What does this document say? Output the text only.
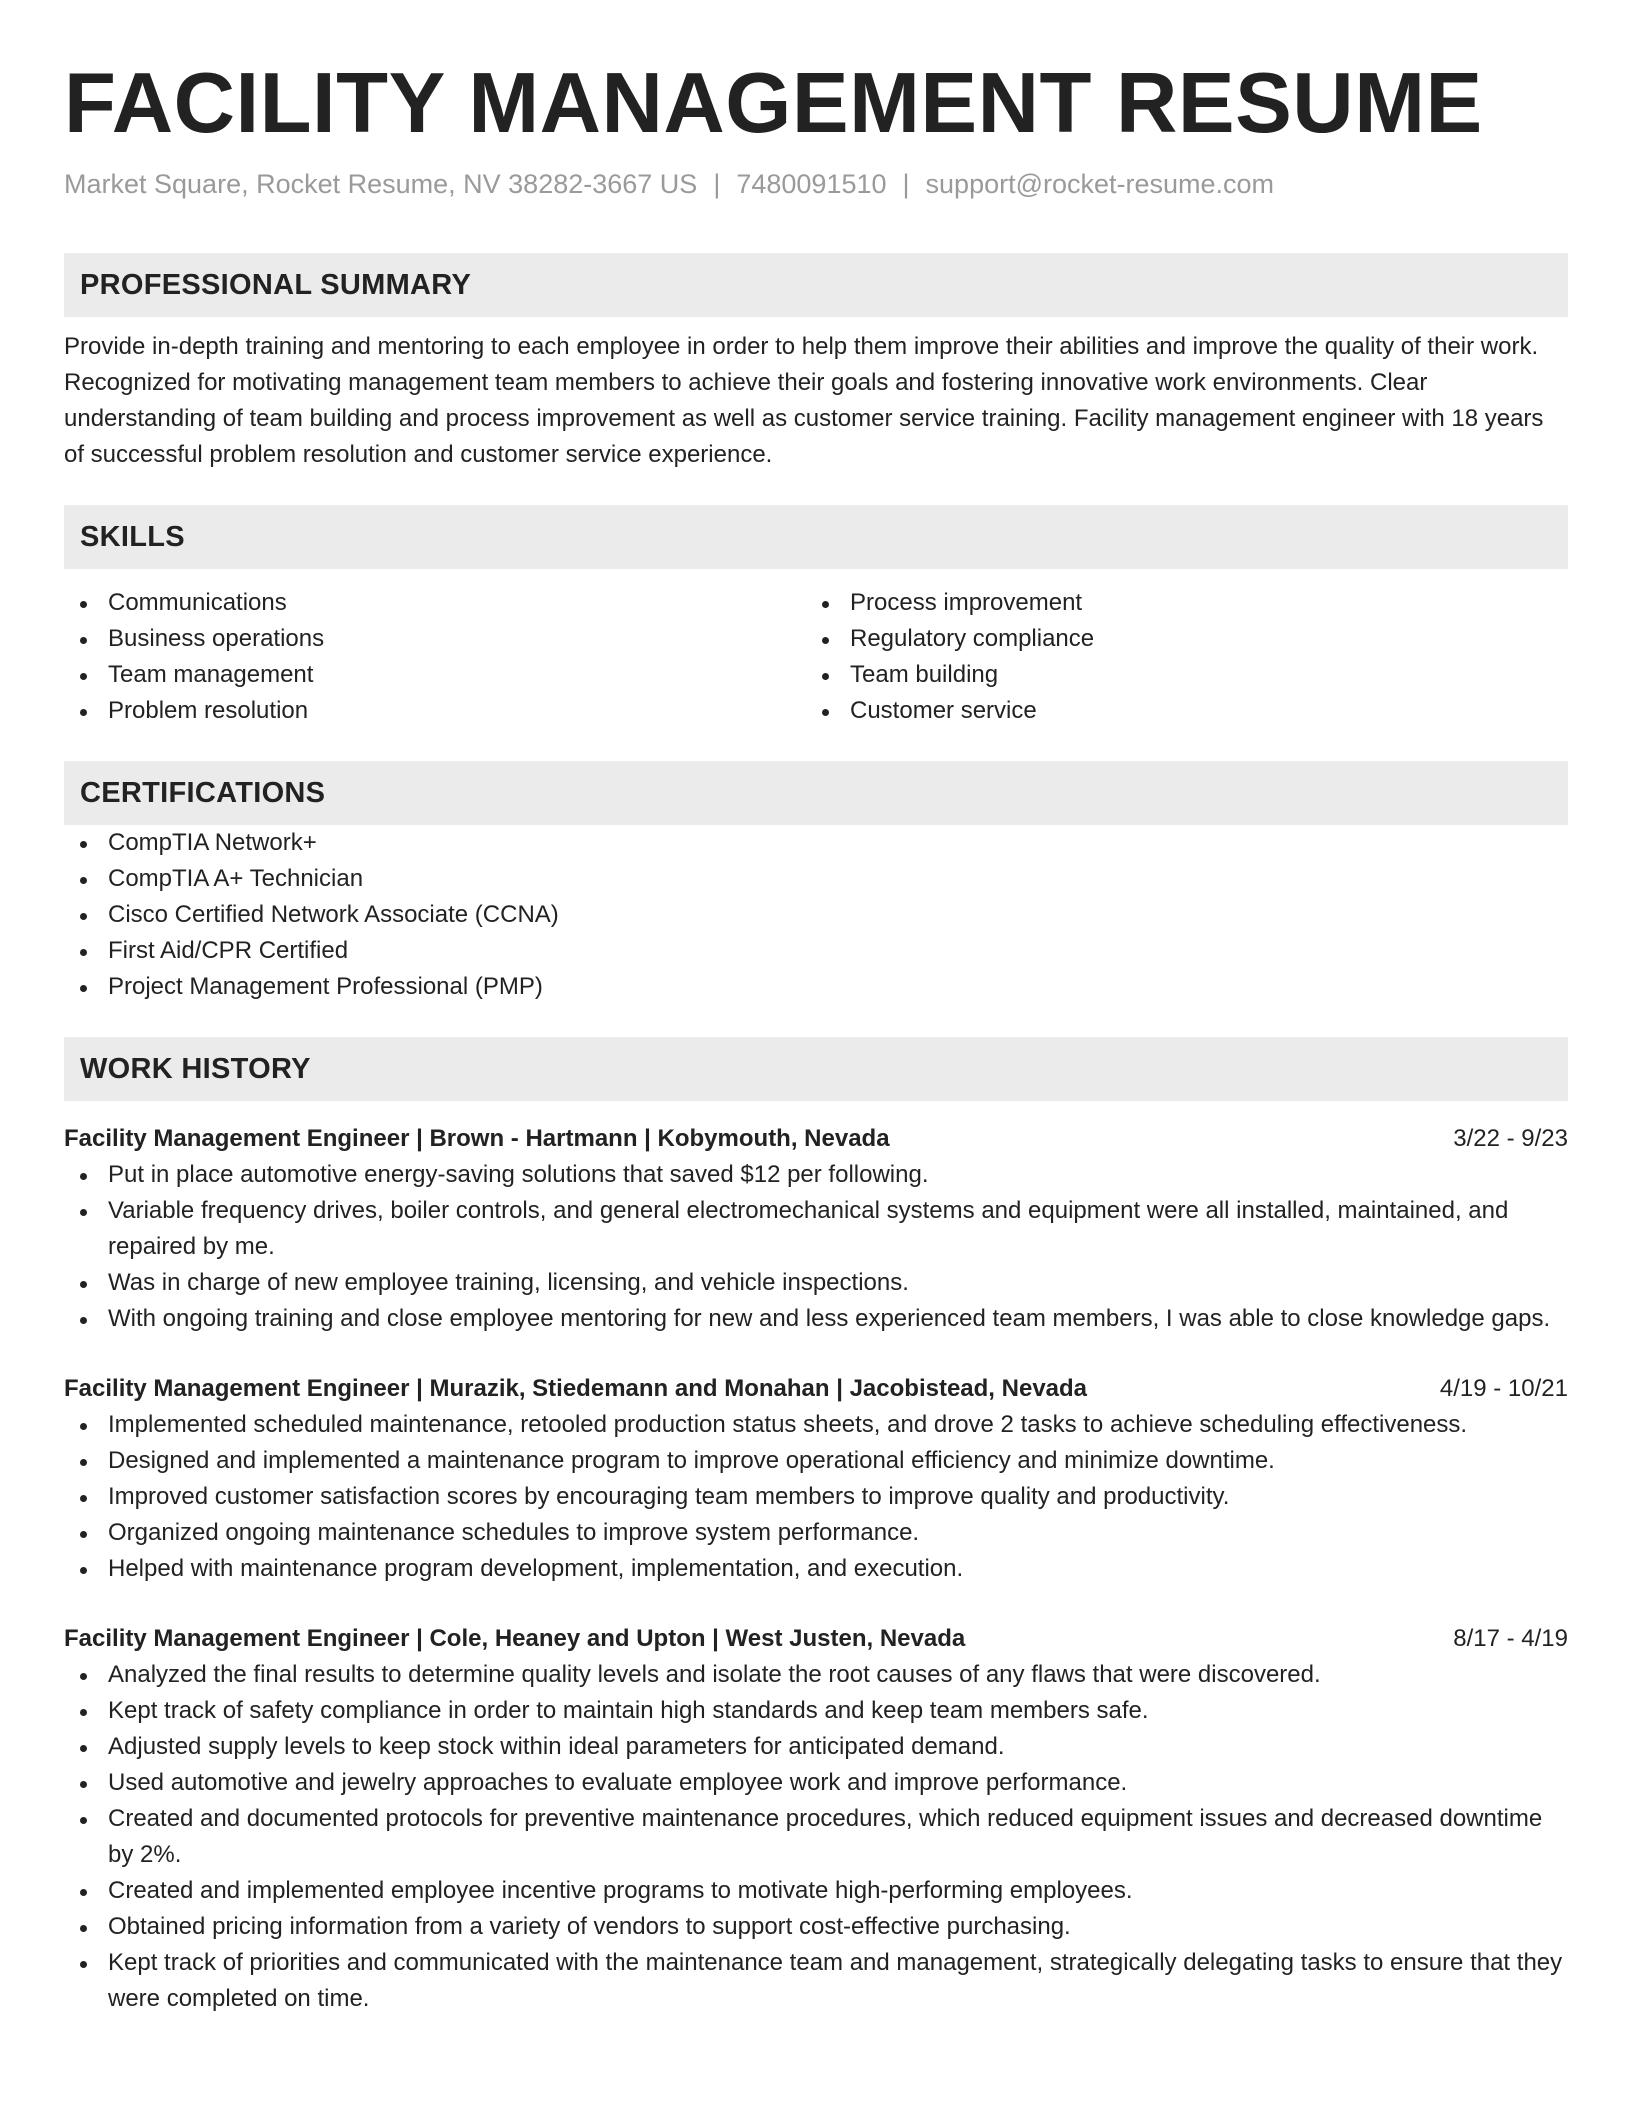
FACILITY MANAGEMENT RESUME
Market Square, Rocket Resume, NV 38282-3667 US | 7480091510 | support@rocket-resume.com
PROFESSIONAL SUMMARY

Provide in-depth training and mentoring to each employee in order to help them improve their abilities and improve the quality of their work. Recognized for motivating management team members to achieve their goals and fostering innovative work environments. Clear understanding of team building and process improvement as well as customer service training. Facility management engineer with 18 years of successful problem resolution and customer service experience.

SKILLS
Communications
Business operations
Team management
Problem resolution
Process improvement
Regulatory compliance
Team building
Customer service
CERTIFICATIONS
CompTIA Network+
CompTIA A+ Technician
Cisco Certified Network Associate (CCNA)
First Aid/CPR Certified
Project Management Professional (PMP)
WORK HISTORY
Facility Management Engineer | Brown - Hartmann | Kobymouth, Nevada	3/22 - 9/23
Put in place automotive energy-saving solutions that saved $12 per following.
Variable frequency drives, boiler controls, and general electromechanical systems and equipment were all installed, maintained, and repaired by me.
Was in charge of new employee training, licensing, and vehicle inspections.
With ongoing training and close employee mentoring for new and less experienced team members, I was able to close knowledge gaps.
Facility Management Engineer | Murazik, Stiedemann and Monahan | Jacobistead, Nevada	4/19 - 10/21
Implemented scheduled maintenance, retooled production status sheets, and drove 2 tasks to achieve scheduling effectiveness.
Designed and implemented a maintenance program to improve operational efficiency and minimize downtime.
Improved customer satisfaction scores by encouraging team members to improve quality and productivity.
Organized ongoing maintenance schedules to improve system performance.
Helped with maintenance program development, implementation, and execution.
Facility Management Engineer | Cole, Heaney and Upton | West Justen, Nevada	8/17 - 4/19
Analyzed the final results to determine quality levels and isolate the root causes of any flaws that were discovered.
Kept track of safety compliance in order to maintain high standards and keep team members safe.
Adjusted supply levels to keep stock within ideal parameters for anticipated demand.
Used automotive and jewelry approaches to evaluate employee work and improve performance.
Created and documented protocols for preventive maintenance procedures, which reduced equipment issues and decreased downtime by 2%.
Created and implemented employee incentive programs to motivate high-performing employees.
Obtained pricing information from a variety of vendors to support cost-effective purchasing.
Kept track of priorities and communicated with the maintenance team and management, strategically delegating tasks to ensure that they were completed on time.
